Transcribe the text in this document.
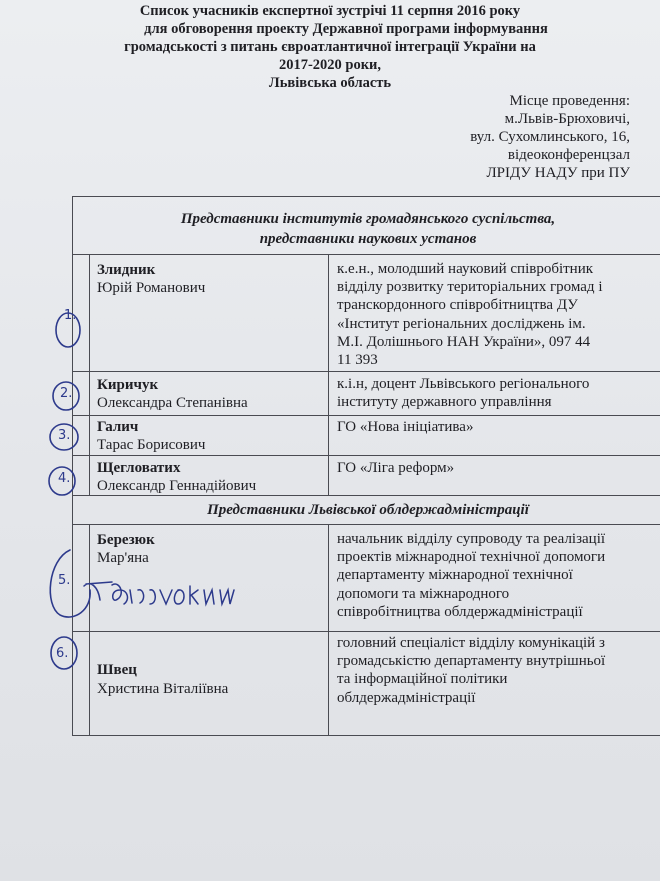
Список учасників експертної зустрічі 11 серпня 2016 року
для обговорення проекту Державної програми інформування
громадськості з питань євроатлантичної інтеграції України на
2017-2020 роки,
Львівська область
Місце проведення:
м.Львів-Брюховичі,
вул. Сухомлинського, 16,
відеоконференцзал
ЛРІДУ НАДУ при ПУ
Представники інститутів громадянського суспільства,
представники наукових установ
Злидник
Юрій Романович
к.е.н., молодший науковий співробітник
відділу розвитку територіальних громад і
транскордонного співробітництва ДУ
«Інститут регіональних досліджень ім.
М.І. Долішнього НАН України», 097 44
11 393
Киричук
Олександра Степанівна
к.і.н, доцент Львівського регіонального
інституту державного управління
Галич
Тарас Борисович
ГО «Нова ініціатива»
Щегловатих
Олександр Геннадійович
ГО «Ліга реформ»
Представники Львівської облдержадміністрації
Березюк
Мар'яна
начальник відділу супроводу та реалізації
проектів міжнародної технічної допомоги
департаменту міжнародної технічної
допомоги та міжнародного
співробітництва облдержадміністрації
Швец
Христина Віталіївна
головний спеціаліст відділу комунікацій з
громадськістю департаменту внутрішньої
та інформаційної політики
облдержадміністрації
1.
2.
3.
4.
5.
6.
